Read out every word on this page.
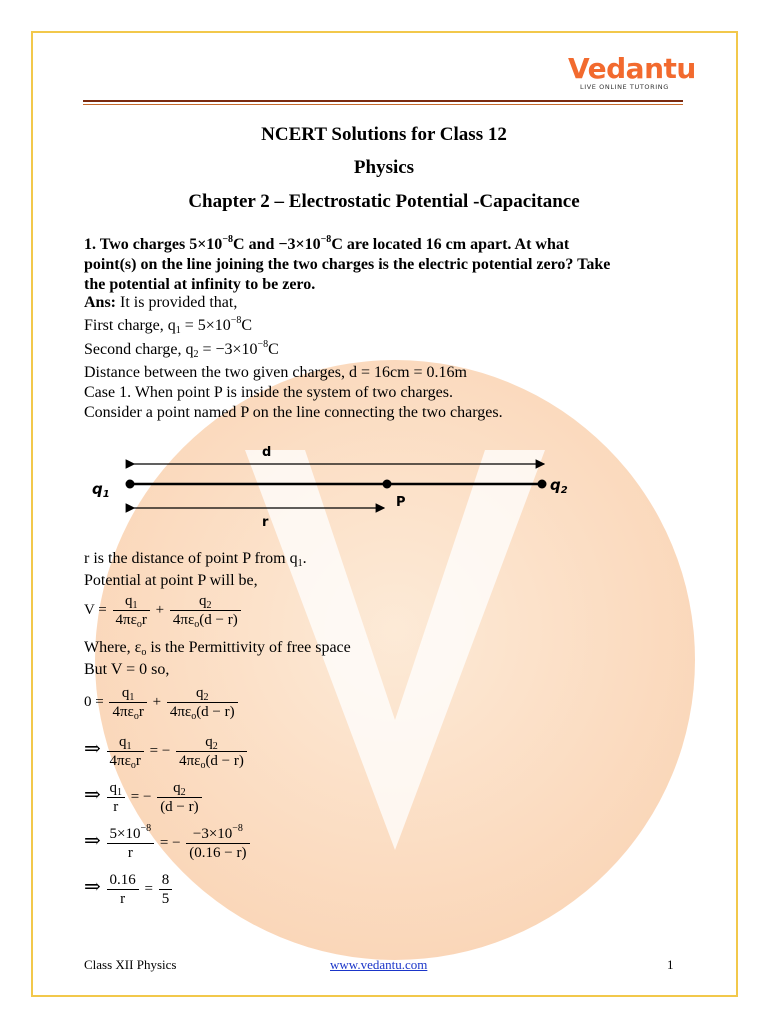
Vedantu
LIVE ONLINE TUTORING
NCERT Solutions for Class 12
Physics
Chapter 2 – Electrostatic Potential -Capacitance
1. Two charges $5\times 10^{-8}C$ and $-3\times 10^{-8}C$ are located 16 cm apart. At what
point(s) on the line joining the two charges is the electric potential zero? Take
the potential at infinity to be zero.
Ans: It is provided that,
First charge, $q_1 = 5\times 10^{-8}C$
Second charge, $q_2 = -3\times 10^{-8}C$
Distance between the two given charges, d = 16cm = 0.16m
Case 1. When point P is inside the system of two charges.
Consider a point named P on the line connecting the two charges.
d
$q_1$
$q_2$
P
r
r is the distance of point P from $q_1$.
Potential at point P will be,
$V = \frac{q_1}{4\pi\varepsilon_or} + \frac{q_2}{4\pi\varepsilon_o(d - r)}$
Where, $\varepsilon_o$ is the Permittivity of free space
But V = 0 so,
$0 = \frac{q_1}{4\pi\varepsilon_or} + \frac{q_2}{4\pi\varepsilon_o(d - r)}$
⇒ $\frac{q_1}{4\pi\varepsilon_or}$ = − $\frac{q_2}{4\pi\varepsilon_o(d - r)}$
⇒ $\frac{q_1}{r}$ = − $\frac{q_2}{(d - r)}$
⇒ $\frac{5\times 10^{-8}}{r}$ = − $\frac{-3\times 10^{-8}}{(0.16 - r)}$
⇒ $\frac{0.16}{r} = \frac{8}{5}$
Class XII Physics	www.vedantu.com	1
